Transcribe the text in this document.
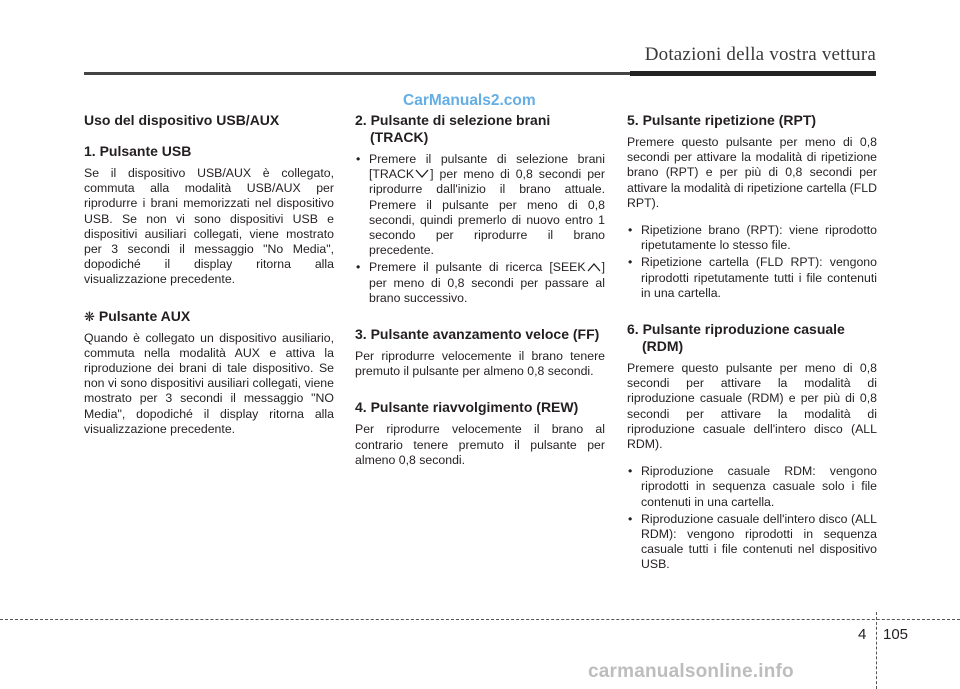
Dotazioni della vostra vettura
CarManuals2.com
Uso del dispositivo USB/AUX
1. Pulsante USB

Se il dispositivo USB/AUX è collegato, commuta alla modalità USB/AUX per riprodurre i brani memorizzati nel dispositivo USB. Se non vi sono dispositivi USB e dispositivi ausiliari collegati, viene mostrato per 3 secondi il messaggio "No Media", dopodiché il display ritorna alla visualizzazione precedente.

❋ Pulsante AUX

Quando è collegato un dispositivo ausiliario, commuta nella modalità AUX e attiva la riproduzione dei brani di tale dispositivo. Se non vi sono dispositivi ausiliari collegati, viene mostrato per 3 secondi il messaggio "NO Media", dopodiché il display ritorna alla visualizzazione precedente.

2. Pulsante di selezione brani (TRACK)
• Premere il pulsante di selezione brani [TRACK ] per meno di 0,8 secondi per riprodurre dall'inizio il brano attuale. Premere il pulsante per meno di 0,8 secondi, quindi premerlo di nuovo entro 1 secondo per riprodurre il brano precedente.
• Premere il pulsante di ricerca [SEEK ] per meno di 0,8 secondi per passare al brano successivo.
3. Pulsante avanzamento veloce (FF)

Per riprodurre velocemente il brano tenere premuto il pulsante per almeno 0,8 secondi.

4. Pulsante riavvolgimento (REW)

Per riprodurre velocemente il brano al contrario tenere premuto il pulsante per almeno 0,8 secondi.

5. Pulsante ripetizione (RPT)

Premere questo pulsante per meno di 0,8 secondi per attivare la modalità di ripetizione brano (RPT) e per più di 0,8 secondi per attivare la modalità di ripetizione cartella (FLD RPT).

• Ripetizione brano (RPT): viene riprodotto ripetutamente lo stesso file.
• Ripetizione cartella (FLD RPT): vengono riprodotti ripetutamente tutti i file contenuti in una cartella.
6. Pulsante riproduzione casuale (RDM)

Premere questo pulsante per meno di 0,8 secondi per attivare la modalità di riproduzione casuale (RDM) e per più di 0,8 secondi per attivare la modalità di riproduzione casuale dell'intero disco (ALL RDM).

• Riproduzione casuale RDM: vengono riprodotti in sequenza casuale solo i file contenuti in una cartella.
• Riproduzione casuale dell'intero disco (ALL RDM): vengono riprodotti in sequenza casuale tutti i file contenuti nel dispositivo USB.
4 105
carmanualsonline.info
